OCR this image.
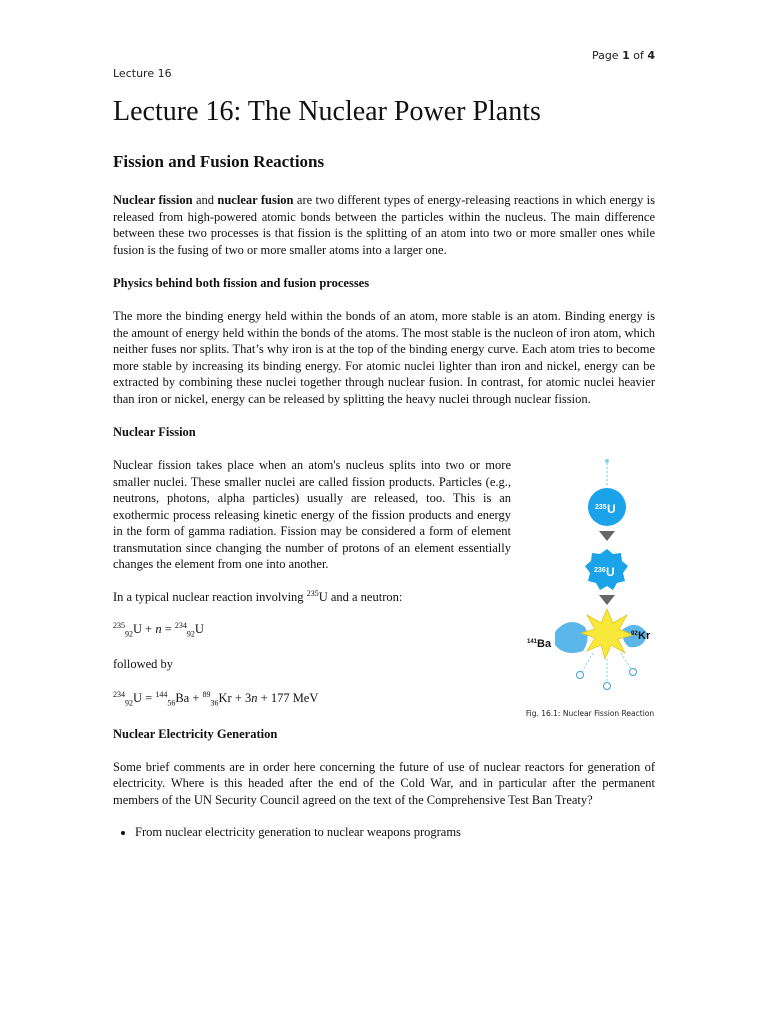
Page 1 of 4
Lecture 16
Lecture 16: The Nuclear Power Plants
Fission and Fusion Reactions

Nuclear fission and nuclear fusion are two different types of energy-releasing reactions in which energy is released from high-powered atomic bonds between the particles within the nucleus. The main difference between these two processes is that fission is the splitting of an atom into two or more smaller ones while fusion is the fusing of two or more smaller atoms into a larger one.

Physics behind both fission and fusion processes

The more the binding energy held within the bonds of an atom, more stable is an atom. Binding energy is the amount of energy held within the bonds of the atoms. The most stable is the nucleon of iron atom, which neither fuses nor splits. That’s why iron is at the top of the binding energy curve. Each atom tries to become more stable by increasing its binding energy. For atomic nuclei lighter than iron and nickel, energy can be extracted by combining these nuclei together through nuclear fusion. In contrast, for atomic nuclei heavier than iron or nickel, energy can be released by splitting the heavy nuclei through nuclear fission.

Nuclear Fission

Nuclear fission takes place when an atom's nucleus splits into two or more smaller nuclei. These smaller nuclei are called fission products. Particles (e.g., neutrons, photons, alpha particles) usually are released, too. This is an exothermic process releasing kinetic energy of the fission products and energy in the form of gamma radiation. Fission may be considered a form of element transmutation since changing the number of protons of an element essentially changes the element from one into another.

In a typical nuclear reaction involving $^{235}$U and a neutron:

$^{235}_{92}$U + n = $^{234}_{92}$U
followed by
$^{234}_{92}$U = $^{144}_{56}$Ba + $^{89}_{36}$Kr + 3n + 177 MeV
235 U
236 U
141 Ba
92 Kr
Fig. 16.1: Nuclear Fission Reaction
Nuclear Electricity Generation

Some brief comments are in order here concerning the future of use of nuclear reactors for generation of electricity. Where is this headed after the end of the Cold War, and in particular after the permanent members of the UN Security Council agreed on the text of the Comprehensive Test Ban Treaty?

• From nuclear electricity generation to nuclear weapons programs
